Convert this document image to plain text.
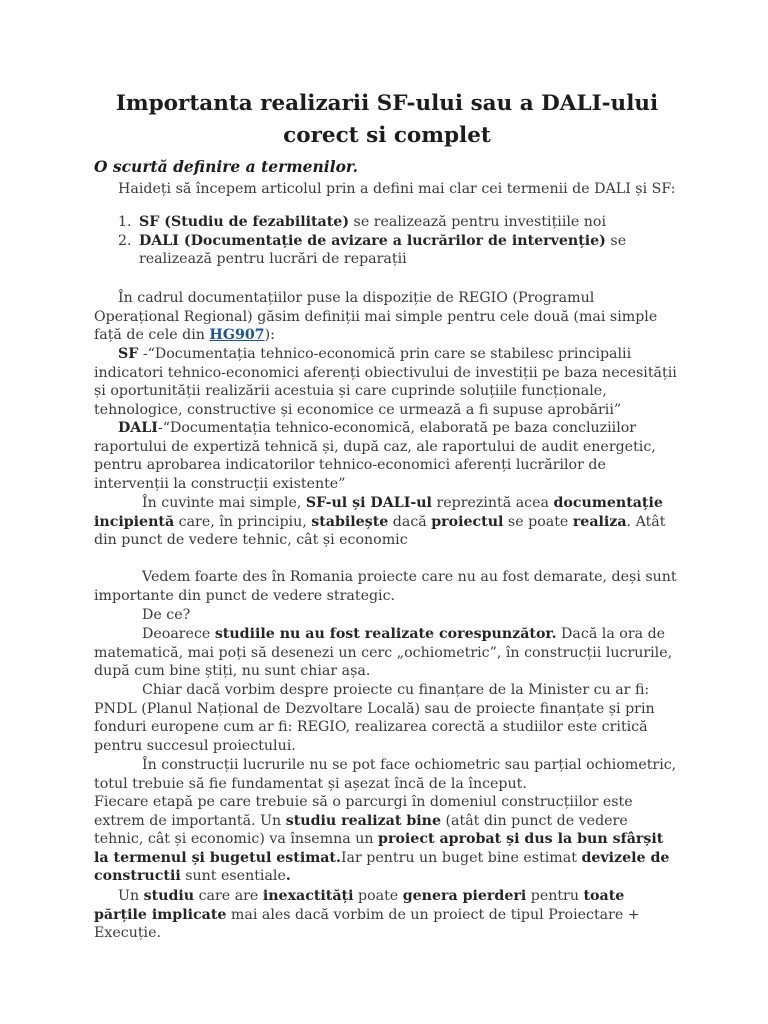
Importanta realizarii SF-ului sau a DALI-ului corect si complet

O scurtă definire a termenilor.

Haideți să începem articolul prin a defini mai clar cei termenii de DALI și SF:

1. SF (Studiu de fezabilitate) se realizează pentru investițiile noi
2. DALI (Documentație de avizare a lucrărilor de intervenție) se realizează pentru lucrări de reparații

În cadrul documentațiilor puse la dispoziție de REGIO (Programul Operațional Regional) găsim definiții mai simple pentru cele două (mai simple față de cele din HG907):

SF -“Documentația tehnico-economică prin care se stabilesc principalii indicatori tehnico-economici aferenți obiectivului de investiții pe baza necesității și oportunității realizării acestuia și care cuprinde soluțiile funcționale, tehnologice, constructive și economice ce urmează a fi supuse aprobării”

DALI-“Documentația tehnico-economică, elaborată pe baza concluziilor raportului de expertiză tehnică și, după caz, ale raportului de audit energetic, pentru aprobarea indicatorilor tehnico-economici aferenți lucrărilor de intervenții la construcții existente”

În cuvinte mai simple, SF-ul și DALI-ul reprezintă acea documentație incipientă care, în principiu, stabilește dacă proiectul se poate realiza. Atât din punct de vedere tehnic, cât și economic

Vedem foarte des în Romania proiecte care nu au fost demarate, deși sunt importante din punct de vedere strategic.

De ce?

Deoarece studiile nu au fost realizate corespunzător. Dacă la ora de matematică, mai poți să desenezi un cerc „ochiometric”, în construcții lucrurile, după cum bine știți, nu sunt chiar așa.

Chiar dacă vorbim despre proiecte cu finanțare de la Minister cu ar fi: PNDL (Planul Național de Dezvoltare Locală) sau de proiecte finanțate și prin fonduri europene cum ar fi: REGIO, realizarea corectă a studiilor este critică pentru succesul proiectului.

În construcții lucrurile nu se pot face ochiometric sau parțial ochiometric, totul trebuie să fie fundamentat și așezat încă de la început.

Fiecare etapă pe care trebuie să o parcurgi în domeniul construcțiilor este extrem de importantă. Un studiu realizat bine (atât din punct de vedere tehnic, cât și economic) va însemna un proiect aprobat și dus la bun sfârșit la termenul și bugetul estimat.Iar pentru un buget bine estimat devizele de constructii sunt esentiale.

Un studiu care are inexactități poate genera pierderi pentru toate părțile implicate mai ales dacă vorbim de un proiect de tipul Proiectare + Execuție.
